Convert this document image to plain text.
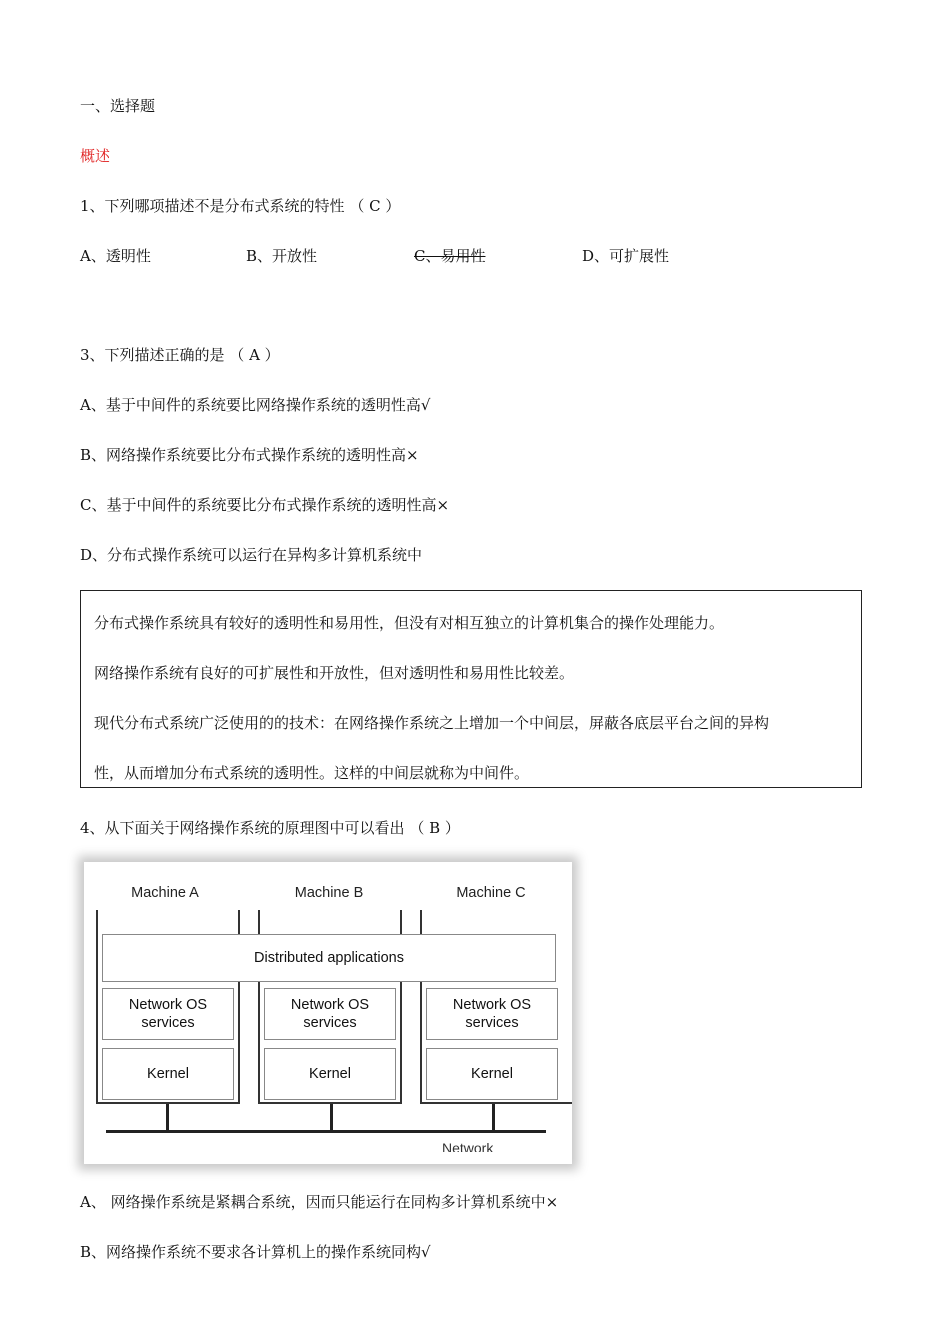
一、选择题
概述
1、下列哪项描述不是分布式系统的特性 （ C ）
A、透明性	B、开放性	C、易用性	D、可扩展性
3、下列描述正确的是 （ A ）
A、基于中间件的系统要比网络操作系统的透明性高√
B、网络操作系统要比分布式操作系统的透明性高×
C、基于中间件的系统要比分布式操作系统的透明性高×
D、分布式操作系统可以运行在异构多计算机系统中
分布式操作系统具有较好的透明性和易用性，但没有对相互独立的计算机集合的操作处理能力。
网络操作系统有良好的可扩展性和开放性，但对透明性和易用性比较差。
现代分布式系统广泛使用的的技术：在网络操作系统之上增加一个中间层，屏蔽各底层平台之间的异构
性，从而增加分布式系统的透明性。这样的中间层就称为中间件。
4、从下面关于网络操作系统的原理图中可以看出 （ B ）
Machine A	Machine B	Machine C
Distributed applications
Network OS
services
Network OS
services
Network OS
services
Kernel	Kernel	Kernel
Network
A、 网络操作系统是紧耦合系统，因而只能运行在同构多计算机系统中×
B、网络操作系统不要求各计算机上的操作系统同构√
